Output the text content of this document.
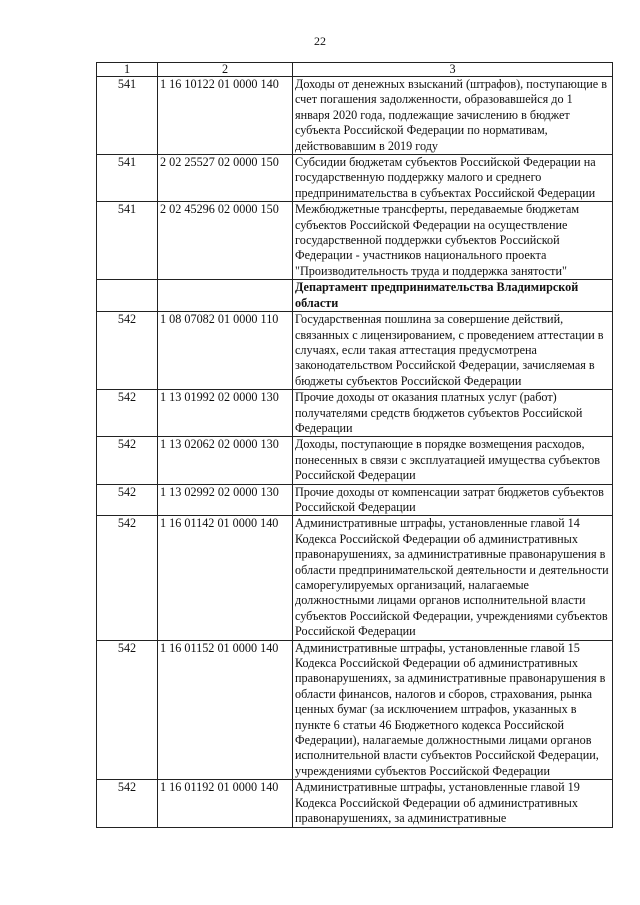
22
1	2	3
541	1 16 10122 01 0000 140	Доходы от денежных взысканий (штрафов), поступающие в счет погашения задолженности, образовавшейся до 1 января 2020 года, подлежащие зачислению в бюджет субъекта Российской Федерации по нормативам, действовавшим в 2019 году
541	2 02 25527 02 0000 150	Субсидии бюджетам субъектов Российской Федерации на государственную поддержку малого и среднего предпринимательства в субъектах Российской Федерации
541	2 02 45296 02 0000 150	Межбюджетные трансферты, передаваемые бюджетам субъектов Российской Федерации на осуществление государственной поддержки субъектов Российской Федерации - участников национального проекта "Производительность труда и поддержка занятости"
		Департамент предпринимательства Владимирской области
542	1 08 07082 01 0000 110	Государственная пошлина за совершение действий, связанных с лицензированием, с проведением аттестации в случаях, если такая аттестация предусмотрена законодательством Российской Федерации, зачисляемая в бюджеты субъектов Российской Федерации
542	1 13 01992 02 0000 130	Прочие доходы от оказания платных услуг (работ) получателями средств бюджетов субъектов Российской Федерации
542	1 13 02062 02 0000 130	Доходы, поступающие в порядке возмещения расходов, понесенных в связи с эксплуатацией имущества субъектов Российской Федерации
542	1 13 02992 02 0000 130	Прочие доходы от компенсации затрат бюджетов субъектов Российской Федерации
542	1 16 01142 01 0000 140	Административные штрафы, установленные главой 14 Кодекса Российской Федерации об административных правонарушениях, за административные правонарушения в области предпринимательской деятельности и деятельности саморегулируемых организаций, налагаемые должностными лицами органов исполнительной власти субъектов Российской Федерации, учреждениями субъектов Российской Федерации
542	1 16 01152 01 0000 140	Административные штрафы, установленные главой 15 Кодекса Российской Федерации об административных правонарушениях, за административные правонарушения в области финансов, налогов и сборов, страхования, рынка ценных бумаг (за исключением штрафов, указанных в пункте 6 статьи 46 Бюджетного кодекса Российской Федерации), налагаемые должностными лицами органов исполнительной власти субъектов Российской Федерации, учреждениями субъектов Российской Федерации
542	1 16 01192 01 0000 140	Административные штрафы, установленные главой 19 Кодекса Российской Федерации об административных правонарушениях, за административные
